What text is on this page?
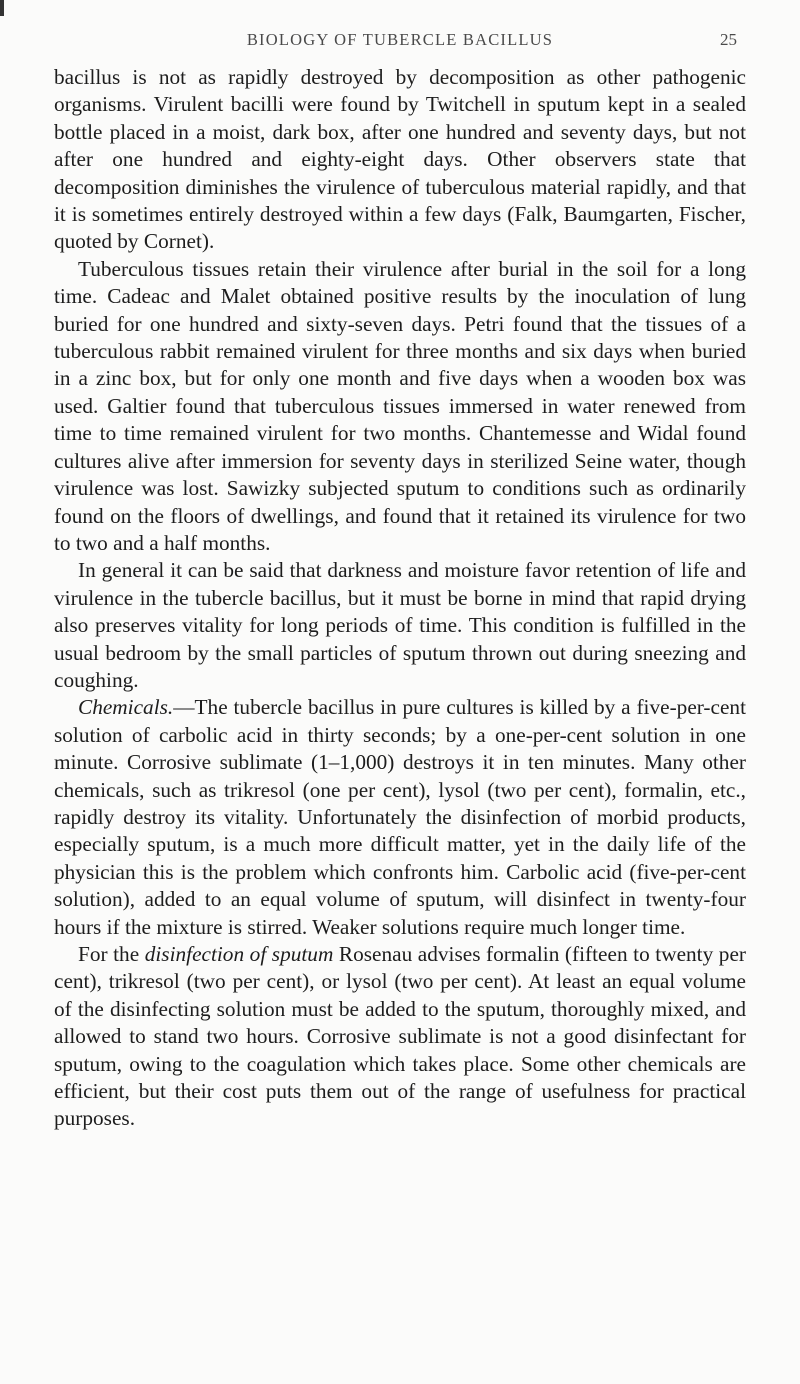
BIOLOGY OF TUBERCLE BACILLUS	25

bacillus is not as rapidly destroyed by decomposition as other pathogenic organisms. Virulent bacilli were found by Twitchell in sputum kept in a sealed bottle placed in a moist, dark box, after one hundred and seventy days, but not after one hundred and eighty-eight days. Other observers state that decomposition diminishes the virulence of tuberculous material rapidly, and that it is sometimes entirely destroyed within a few days (Falk, Baumgarten, Fischer, quoted by Cornet).

Tuberculous tissues retain their virulence after burial in the soil for a long time. Cadeac and Malet obtained positive results by the inoculation of lung buried for one hundred and sixty-seven days. Petri found that the tissues of a tuberculous rabbit remained virulent for three months and six days when buried in a zinc box, but for only one month and five days when a wooden box was used. Galtier found that tuberculous tissues immersed in water renewed from time to time remained virulent for two months. Chantemesse and Widal found cultures alive after immersion for seventy days in sterilized Seine water, though virulence was lost. Sawizky subjected sputum to conditions such as ordinarily found on the floors of dwellings, and found that it retained its virulence for two to two and a half months.

In general it can be said that darkness and moisture favor retention of life and virulence in the tubercle bacillus, but it must be borne in mind that rapid drying also preserves vitality for long periods of time. This condition is fulfilled in the usual bedroom by the small particles of sputum thrown out during sneezing and coughing.

Chemicals.—The tubercle bacillus in pure cultures is killed by a five-per-cent solution of carbolic acid in thirty seconds; by a one-per-cent solution in one minute. Corrosive sublimate (1–1,000) destroys it in ten minutes. Many other chemicals, such as trikresol (one per cent), lysol (two per cent), formalin, etc., rapidly destroy its vitality. Unfortunately the disinfection of morbid products, especially sputum, is a much more difficult matter, yet in the daily life of the physician this is the problem which confronts him. Carbolic acid (five-per-cent solution), added to an equal volume of sputum, will disinfect in twenty-four hours if the mixture is stirred. Weaker solutions require much longer time.

For the disinfection of sputum Rosenau advises formalin (fifteen to twenty per cent), trikresol (two per cent), or lysol (two per cent). At least an equal volume of the disinfecting solution must be added to the sputum, thoroughly mixed, and allowed to stand two hours. Corrosive sublimate is not a good disinfectant for sputum, owing to the coagulation which takes place. Some other chemicals are efficient, but their cost puts them out of the range of usefulness for practical purposes.
